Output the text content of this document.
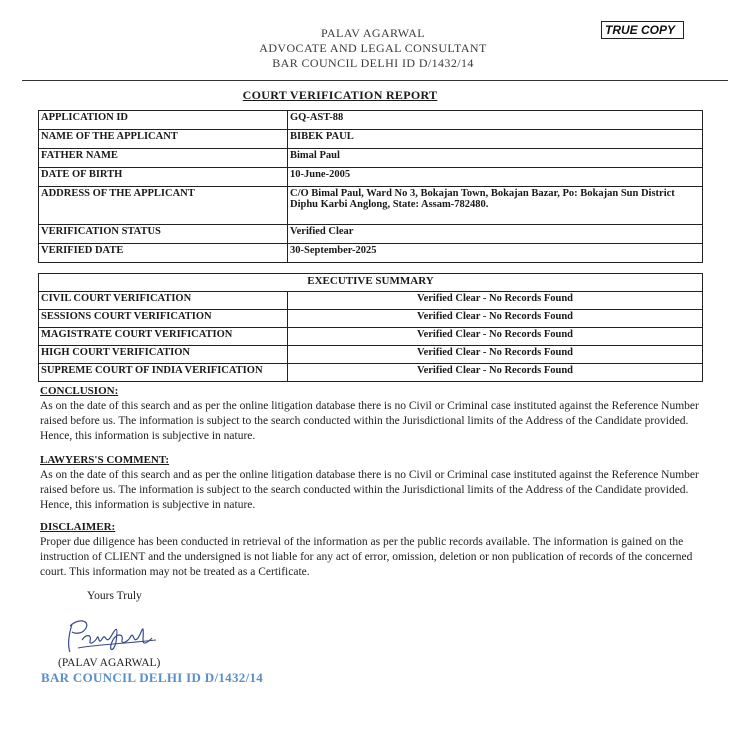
PALAV AGARWAL
ADVOCATE AND LEGAL CONSULTANT
BAR COUNCIL DELHI ID D/1432/14
TRUE COPY
COURT VERIFICATION REPORT
APPLICATION ID	GQ-AST-88
NAME OF THE APPLICANT	BIBEK PAUL
FATHER NAME	Bimal Paul
DATE OF BIRTH	10-June-2005
ADDRESS OF THE APPLICANT	C/O Bimal Paul, Ward No 3, Bokajan Town, Bokajan Bazar, Po: Bokajan Sun District Diphu Karbi Anglong, State: Assam-782480.
VERIFICATION STATUS	Verified Clear
VERIFIED DATE	30-September-2025
EXECUTIVE SUMMARY	
CIVIL COURT VERIFICATION	Verified Clear - No Records Found
SESSIONS COURT VERIFICATION	Verified Clear - No Records Found
MAGISTRATE COURT VERIFICATION	Verified Clear - No Records Found
HIGH COURT VERIFICATION	Verified Clear - No Records Found
SUPREME COURT OF INDIA VERIFICATION	Verified Clear - No Records Found
CONCLUSION:
As on the date of this search and as per the online litigation database there is no Civil or Criminal case instituted against the Reference Number raised before us. The information is subject to the search conducted within the Jurisdictional limits of the Address of the Candidate provided. Hence, this information is subjective in nature.
LAWYERS'S COMMENT:
As on the date of this search and as per the online litigation database there is no Civil or Criminal case instituted against the Reference Number raised before us. The information is subject to the search conducted within the Jurisdictional limits of the Address of the Candidate provided. Hence, this information is subjective in nature.
DISCLAIMER:
Proper due diligence has been conducted in retrieval of the information as per the public records available. The information is gained on the instruction of CLIENT and the undersigned is not liable for any act of error, omission, deletion or non publication of records of the concerned court. This information may not be treated as a Certificate.
Yours Truly
(PALAV AGARWAL)
BAR COUNCIL DELHI ID D/1432/14
